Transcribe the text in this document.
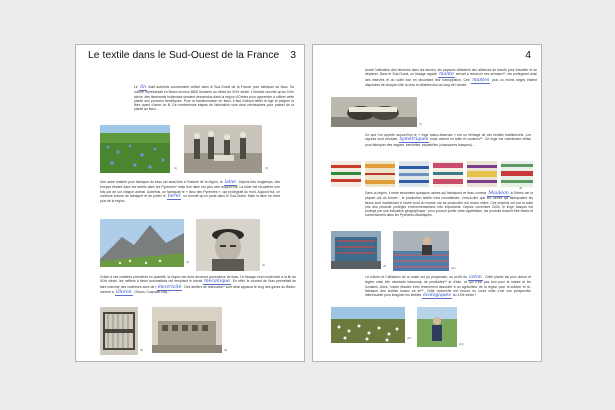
Le textile dans le Sud-Ouest de la France 3

Le lin était autrefois couramment cultivé dans le Sud-Ouest de la France pour fabriquer du tissu. Sa culture représentait en Béarn environ 6800 hectares au début du XIXe siècle. L'historie raconte qu'au XVIe siècle, des tisserands hollandais seraient descendus dans la région d'Orthez pour apprendre à utiliser cette plante aux pouvoirs bénéfiques. Pour la transformation en tissu, il faut d'abord teiller la tige et peigner la fibre avant d'avoir un fil. De nombreuses étapes de fabrication sont donc nécessaires pour passer de la plante au tissu.

(1)	(2)

Une autre matière pour fabriquer du tissu est aussi liée à l'histoire de la région, la laine. Depuis très longtemps, des troupes étaient dans les brebis dans les Pyrénées* mais leur laine est plus rare aujourd'hui. La laine est récupérée une fois par an sur chaque animal. Autrefois, on fabriquait le « tissu des Pyrénées », qui protégeait du froid. Aujourd'hui, on continue encore de fabriquer et de porter le béret, un bonnet qu'on porte dans le Sud-Ouest. Mais la laine ne vient plus de la région.

(3)
(4)

Grâce à ces matières premières en quantité, la région est donc devenue productrice de tissu. Le tissage s'est modernisé à la fin du XIXe siècle, les métiers à tisser automatisés ont remplacé le travail mécanique. En effet, le courant de l'eau permettait de faire marcher des machines avec de l'électricité. Des ateliers de fabrication* sont ainsi apparus le long des gaves du Béarn, comme à Oloron, Oloron, Coarraze-Nay...

(5)	(6)
4

Avant l'utilisation des teintures dans les tannes, les paysans utilisaient des alliances de bœufs pour travailler et se déplacer. Dans le Sud-Ouest, un tissage appelé mante servait à recouvrir ces animaux**, les protégeant ainsi des insectes et du soleil tout en absorbant leur transpiration. Ces mantes plus ou moins larges étaient disposées de chaque côté du dos et utilisées tout au long de l'année.

(7)

Ce que l'on appelle aujourd'hui le « linge basco-béarnais » est un héritage de ces textiles traditionnels. Les rayures sont rendues symétriques mais varient en taille et couleurs**. Ce linge est maintenant utilisé pour fabriquer des nappes, serviettes, espadrilles (chaussures basques)...

(8)

Dans la région, il reste seulement quelques usines qui fabriquent ce tissu comme Mauléon à Orthez car la plupart ont dû fermer : la production textile s'est mondialisée, c'est-à-dire que les usines qui fabriquaient les tissus sont maintenant à l'autre bout du monde car sa production est moins chère. Ces emplois ont par la suite pris des produits protégés environnementaux très importants. Depuis novembre 2020, le linge basque est protégé par une indication géographique : pour pouvoir porter cette appellation, les produits doivent être tissés et confectionnés dans les Pyrénées-Atlantiques.

(9)
(10)

La culture et l'utilisation de la ouate ont pu progresser, au profit du coton. Cette plante est plus douce et légère mais elle nécessite beaucoup de pesticides** et d'eau, ce qui n'est pas bon pour la nature et les humains. Alors, l'usine Mauleó s'est récemment associée à un agriculteur de la région pour re-cultiver et re-fabriquer des textiles locaux en lin**. Cette recherche est encore en cours mais c'est une perspective intéressante pour imaginer les textiles écologiques du XXIe siècle !

(11)
(12)
